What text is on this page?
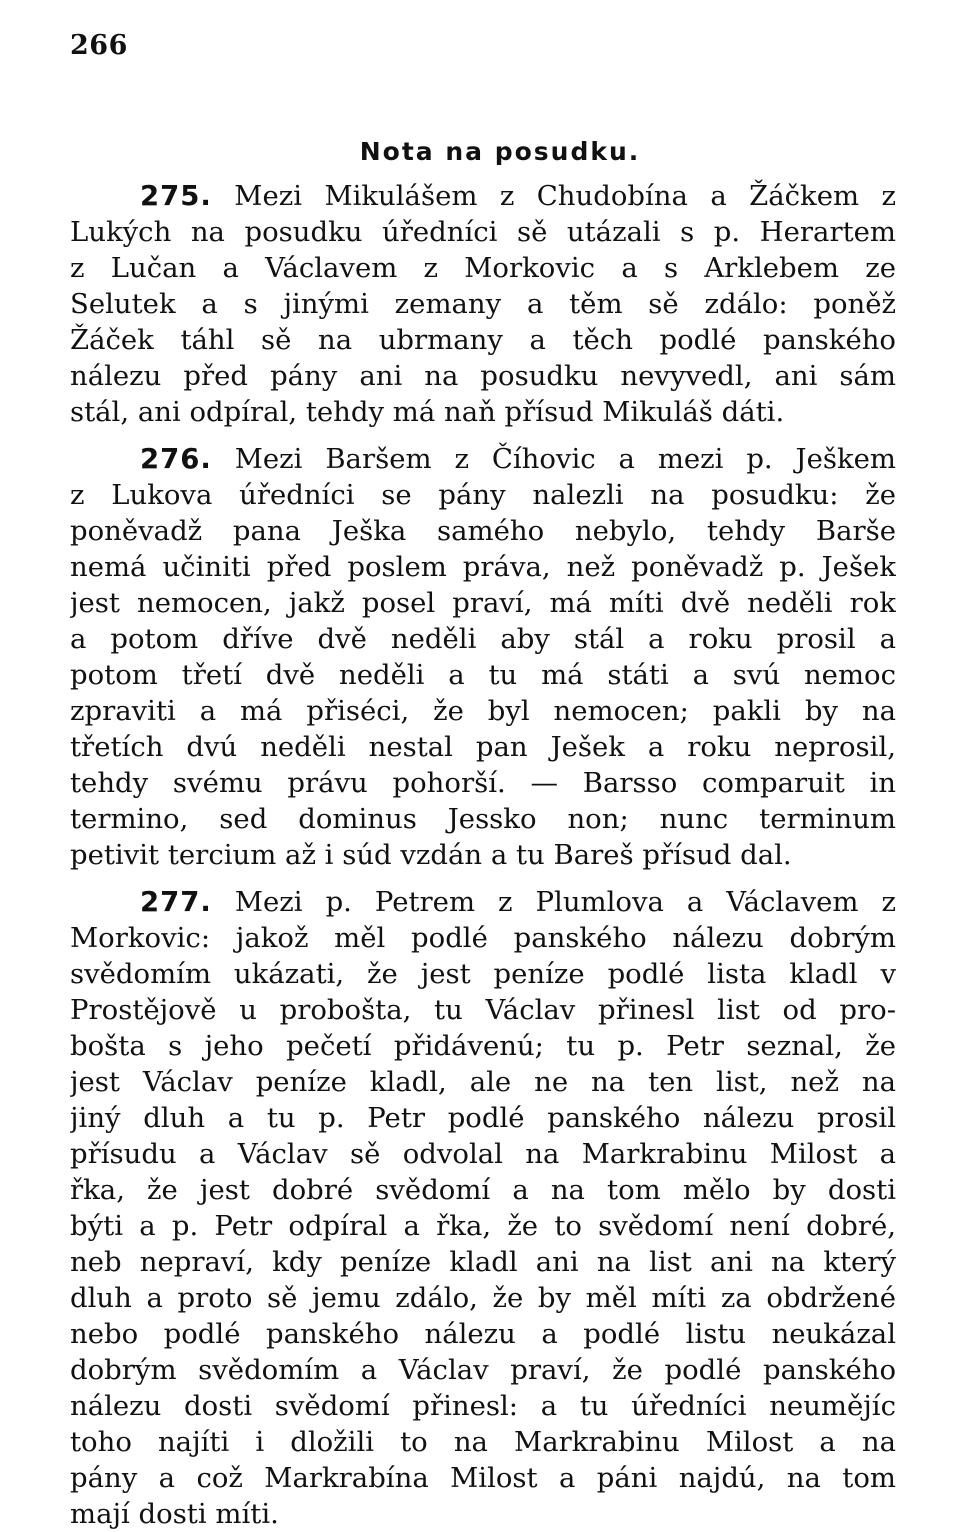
266
Nota na posudku.
275. Mezi Mikulášem z Chudobína a Žáčkem z
Lukých na posudku úředníci sě utázali s p. Herartem
z Lučan a Václavem z Morkovic a s Arklebem ze
Selutek a s jinými zemany a těm sě zdálo: poněž
Žáček táhl sě na ubrmany a těch podlé panského
nálezu před pány ani na posudku nevyvedl, ani sám
stál, ani odpíral, tehdy má naň přísud Mikuláš dáti.
276. Mezi Baršem z Číhovic a mezi p. Ješkem
z Lukova úředníci se pány nalezli na posudku: že
poněvadž pana Ješka samého nebylo, tehdy Barše
nemá učiniti před poslem práva, než poněvadž p. Ješek
jest nemocen, jakž posel praví, má míti dvě neděli rok
a potom dříve dvě neděli aby stál a roku prosil a
potom třetí dvě neděli a tu má státi a svú nemoc
zpraviti a má přiséci, že byl nemocen; pakli by na
třetích dvú neděli nestal pan Ješek a roku neprosil,
tehdy svému právu pohorší. — Barsso comparuit in
termino, sed dominus Jessko non; nunc terminum
petivit tercium až i súd vzdán a tu Bareš přísud dal.
277. Mezi p. Petrem z Plumlova a Václavem z
Morkovic: jakož měl podlé panského nálezu dobrým
svědomím ukázati, že jest peníze podlé lista kladl v
Prostějově u probošta, tu Václav přinesl list od pro-
bošta s jeho pečetí přidávenú; tu p. Petr seznal, že
jest Václav peníze kladl, ale ne na ten list, než na
jiný dluh a tu p. Petr podlé panského nálezu prosil
přísudu a Václav sě odvolal na Markrabinu Milost a
řka, že jest dobré svědomí a na tom mělo by dosti
býti a p. Petr odpíral a řka, že to svědomí není dobré,
neb nepraví, kdy peníze kladl ani na list ani na který
dluh a proto sě jemu zdálo, že by měl míti za obdržené
nebo podlé panského nálezu a podlé listu neukázal
dobrým svědomím a Václav praví, že podlé panského
nálezu dosti svědomí přinesl: a tu úředníci neumějíc
toho najíti i dložili to na Markrabinu Milost a na
pány a což Markrabína Milost a páni najdú, na tom
mají dosti míti.
